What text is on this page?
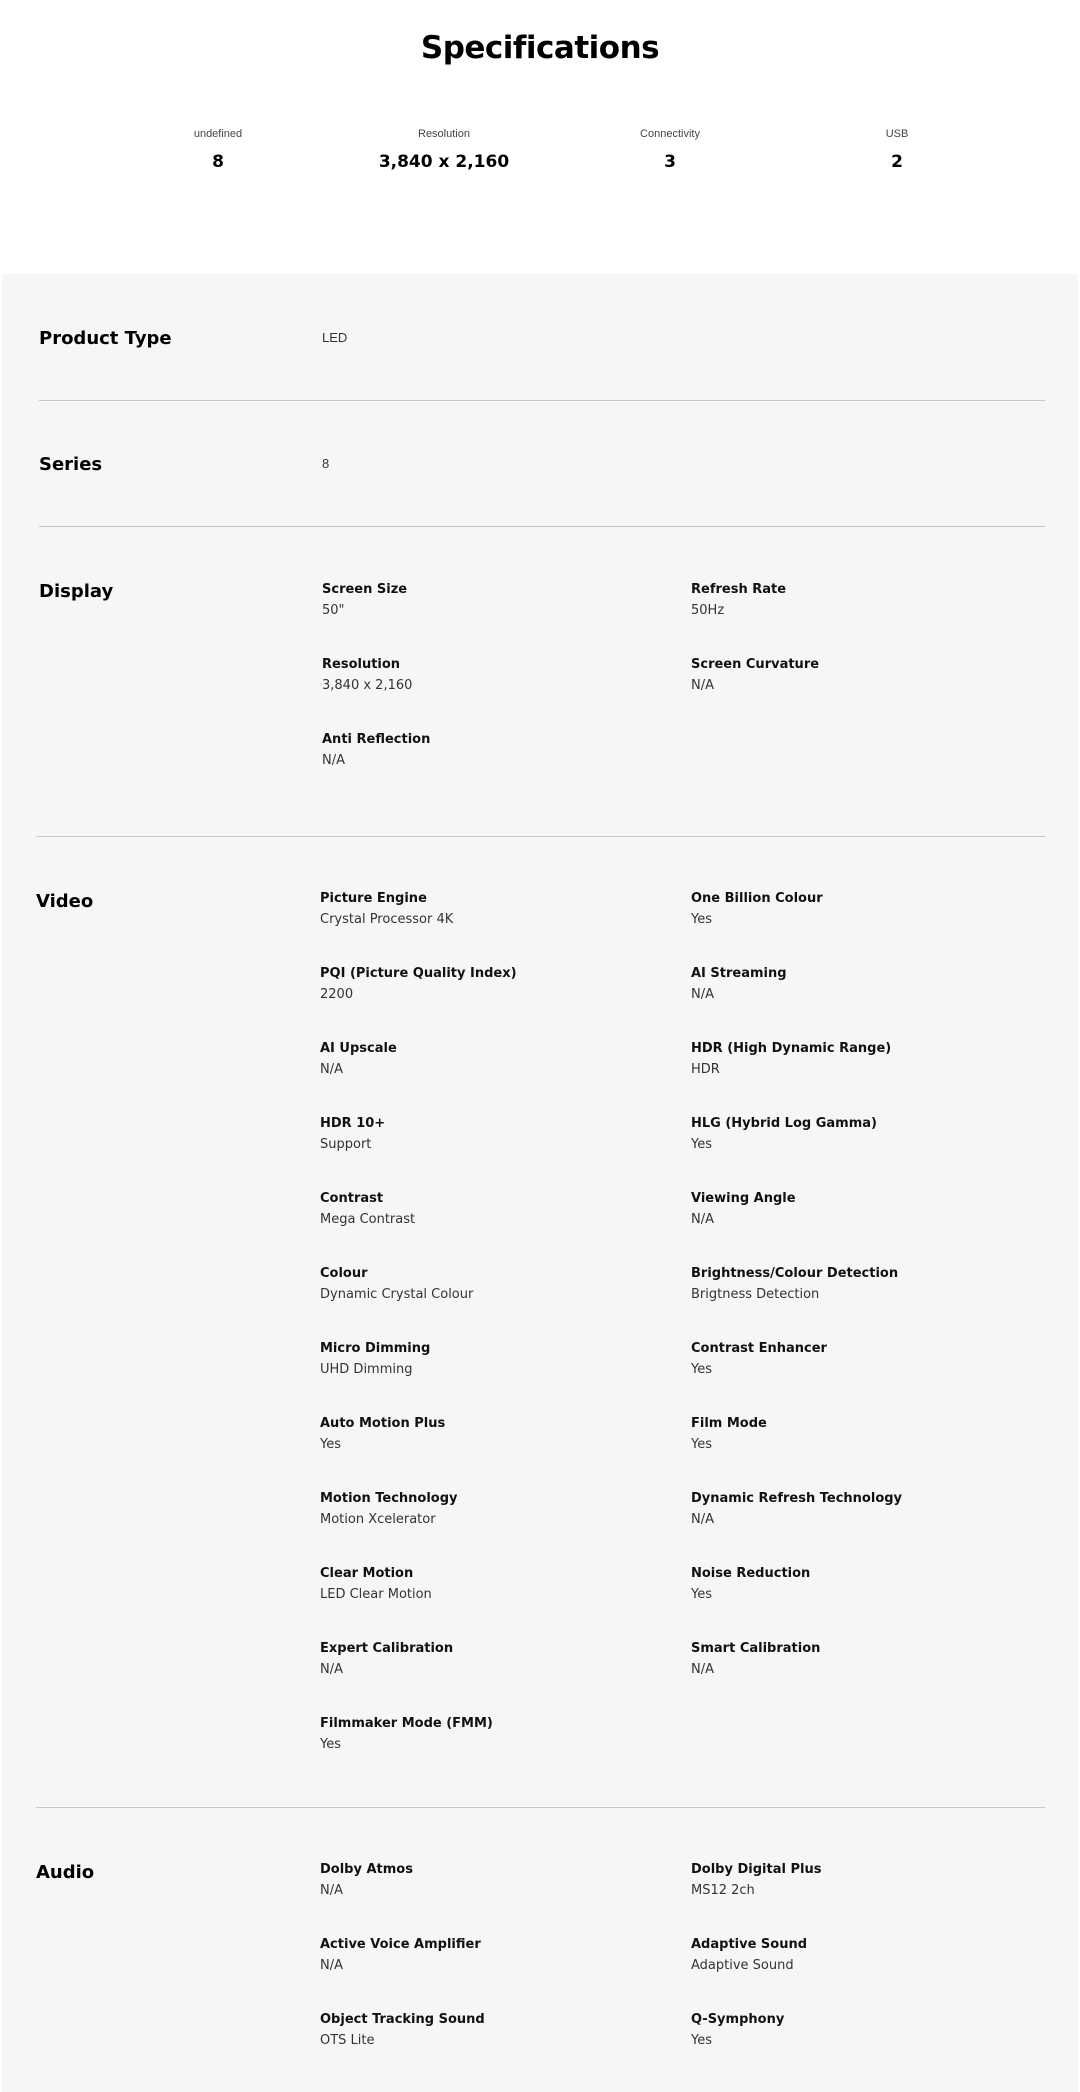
Specifications
undefined
8
Resolution
3,840 x 2,160
Connectivity
3
USB
2
Product Type	LED
Series	8
Display	Screen Size
50"
Refresh Rate
50Hz
Resolution
3,840 x 2,160
Screen Curvature
N/A
Anti Reflection
N/A
Video	Picture Engine
Crystal Processor 4K
One Billion Colour
Yes
PQI (Picture Quality Index)
2200
AI Streaming
N/A
AI Upscale
N/A
HDR (High Dynamic Range)
HDR
HDR 10+
Support
HLG (Hybrid Log Gamma)
Yes
Contrast
Mega Contrast
Viewing Angle
N/A
Colour
Dynamic Crystal Colour
Brightness/Colour Detection
Brigtness Detection
Micro Dimming
UHD Dimming
Contrast Enhancer
Yes
Auto Motion Plus
Yes
Film Mode
Yes
Motion Technology
Motion Xcelerator
Dynamic Refresh Technology
N/A
Clear Motion
LED Clear Motion
Noise Reduction
Yes
Expert Calibration
N/A
Smart Calibration
N/A
Filmmaker Mode (FMM)
Yes
Audio	Dolby Atmos
N/A
Dolby Digital Plus
MS12 2ch
Active Voice Amplifier
N/A
Adaptive Sound
Adaptive Sound
Object Tracking Sound
OTS Lite
Q-Symphony
Yes
